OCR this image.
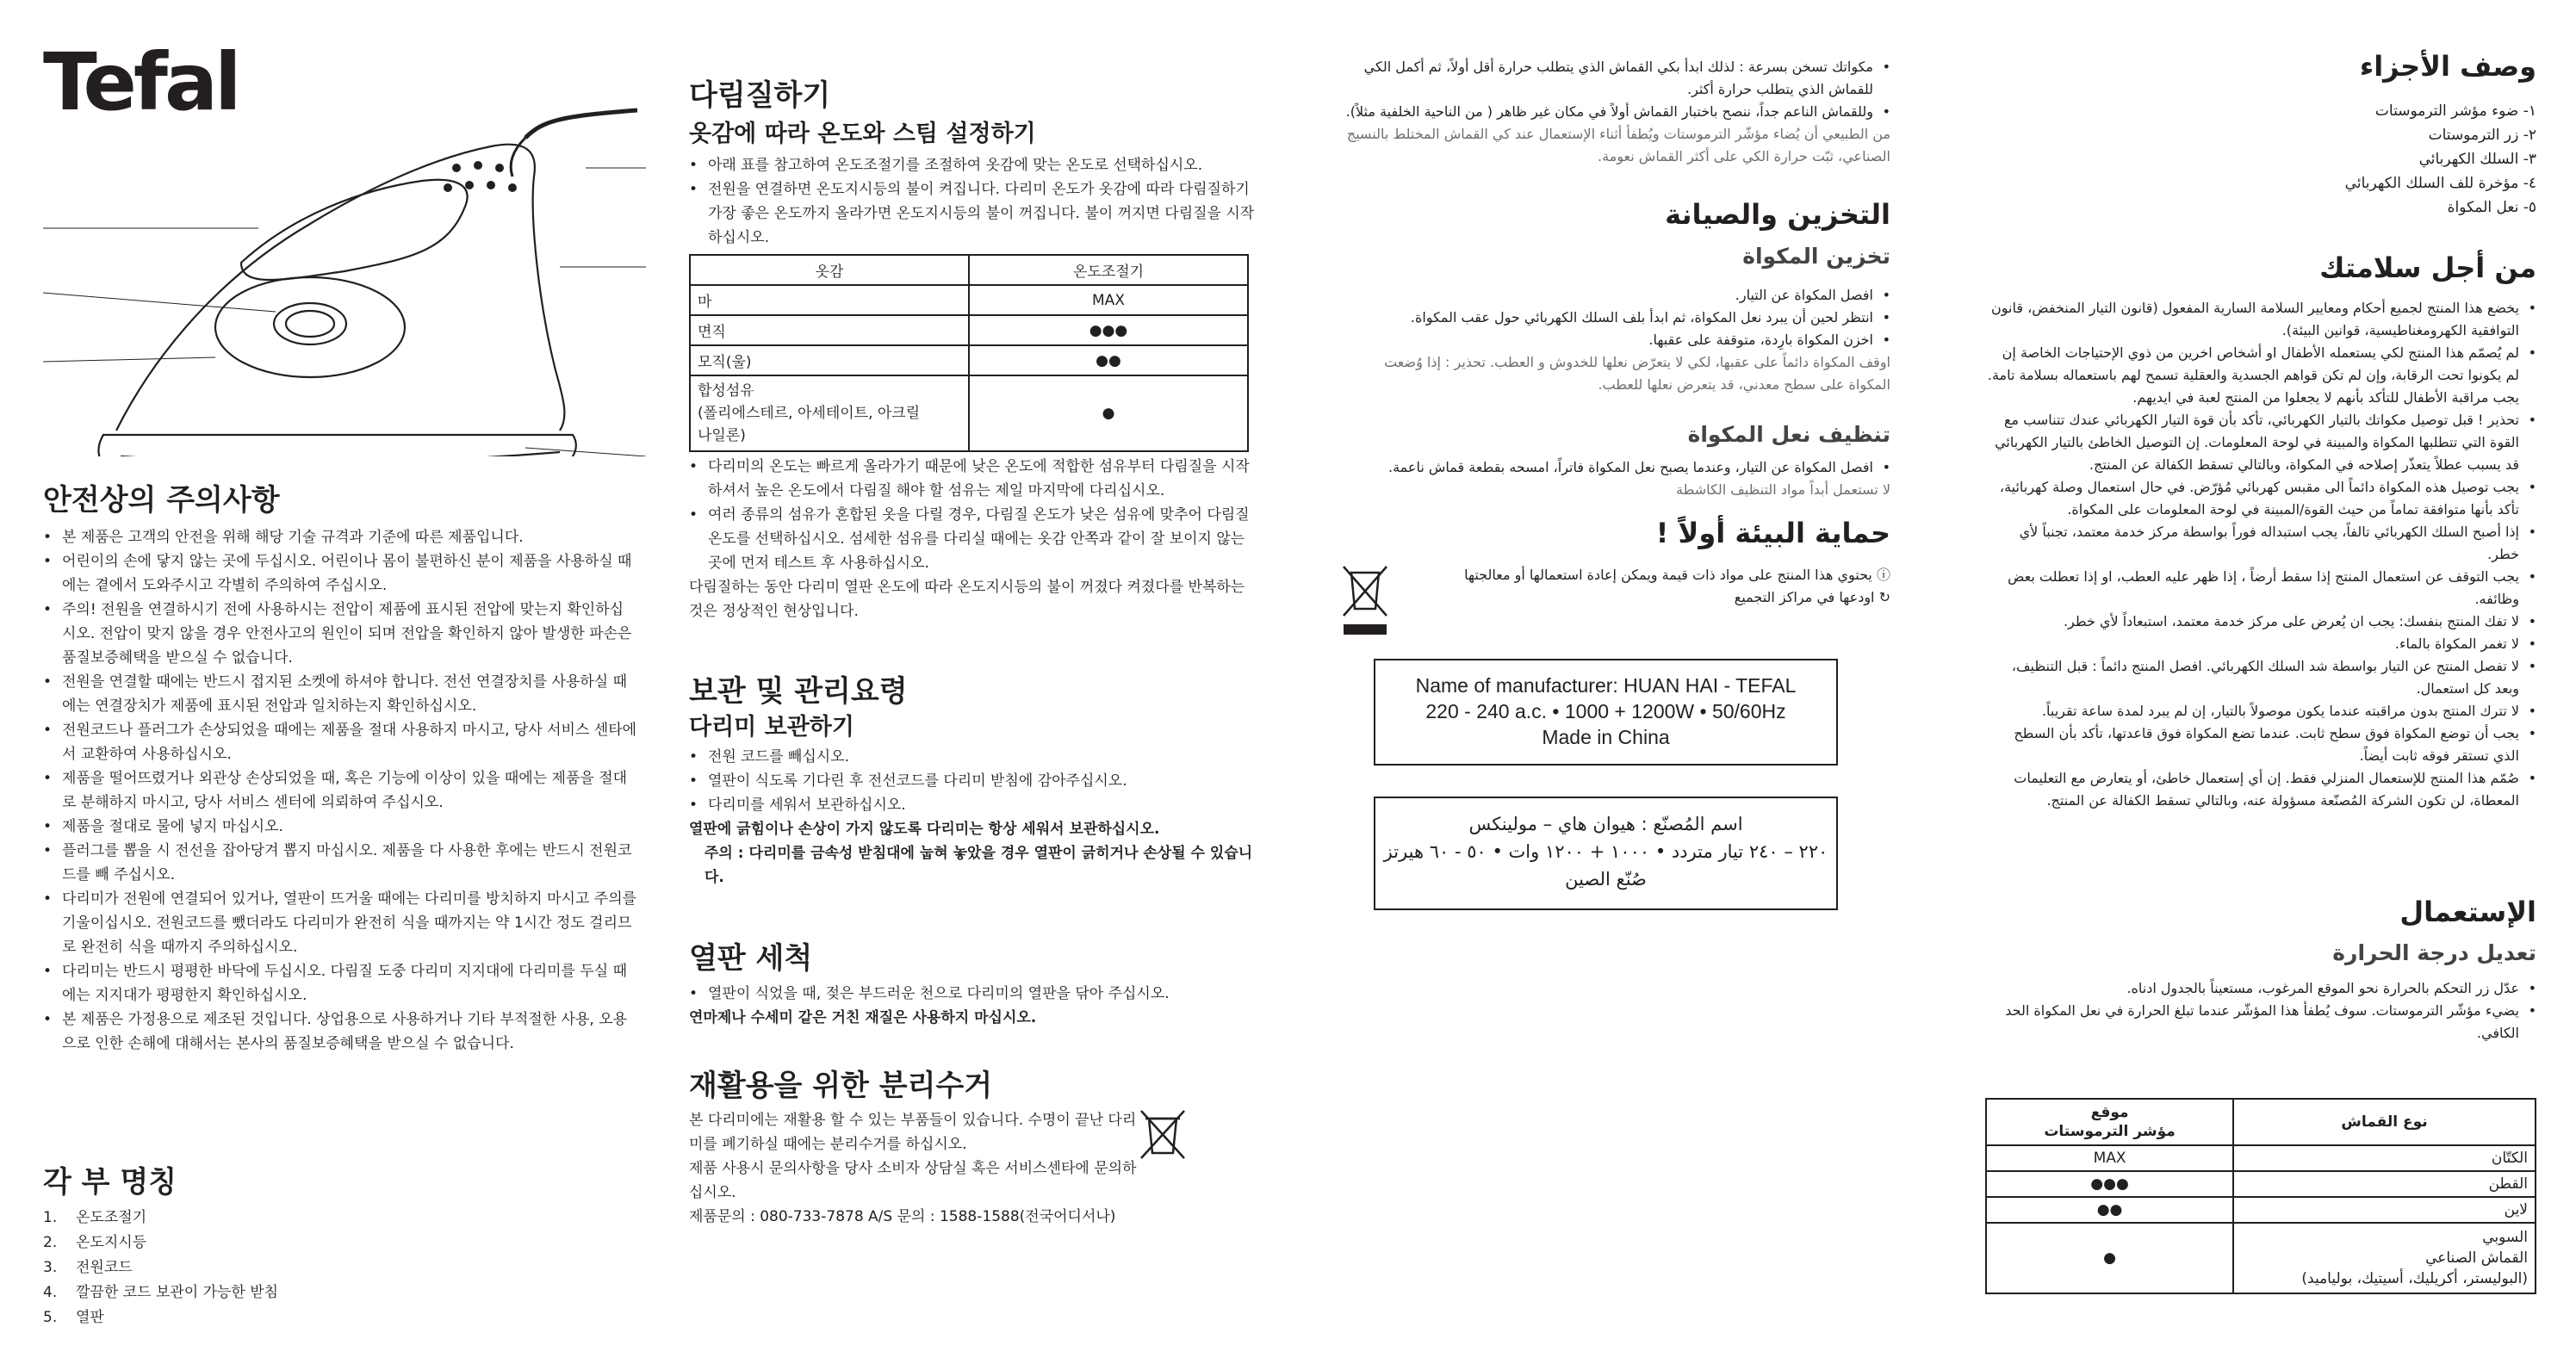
Tefal
안전상의 주의사항

• 본 제품은 고객의 안전을 위해 해당 기술 규격과 기준에 따른 제품입니다.

• 어린이의 손에 닿지 않는 곳에 두십시오. 어린이나 몸이 불편하신 분이 제품을 사용하실 때에는 곁에서 도와주시고 각별히 주의하여 주십시오.

• 주의! 전원을 연결하시기 전에 사용하시는 전압이 제품에 표시된 전압에 맞는지 확인하십시오. 전압이 맞지 않을 경우 안전사고의 원인이 되며 전압을 확인하지 않아 발생한 파손은 품질보증혜택을 받으실 수 없습니다.

• 전원을 연결할 때에는 반드시 접지된 소켓에 하셔야 합니다. 전선 연결장치를 사용하실 때에는 연결장치가 제품에 표시된 전압과 일치하는지 확인하십시오.

• 전원코드나 플러그가 손상되었을 때에는 제품을 절대 사용하지 마시고, 당사 서비스 센타에서 교환하여 사용하십시오.

• 제품을 떨어뜨렸거나 외관상 손상되었을 때, 혹은 기능에 이상이 있을 때에는 제품을 절대로 분해하지 마시고, 당사 서비스 센터에 의뢰하여 주십시오.

• 제품을 절대로 물에 넣지 마십시오.

• 플러그를 뽑을 시 전선을 잡아당겨 뽑지 마십시오. 제품을 다 사용한 후에는 반드시 전원코드를 빼 주십시오.

• 다리미가 전원에 연결되어 있거나, 열판이 뜨거울 때에는 다리미를 방치하지 마시고 주의를 기울이십시오. 전원코드를 뺐더라도 다리미가 완전히 식을 때까지는 약 1시간 정도 걸리므로 완전히 식을 때까지 주의하십시오.

• 다리미는 반드시 평평한 바닥에 두십시오. 다림질 도중 다리미 지지대에 다리미를 두실 때에는 지지대가 평평한지 확인하십시오.

• 본 제품은 가정용으로 제조된 것입니다. 상업용으로 사용하거나 기타 부적절한 사용, 오용으로 인한 손해에 대해서는 본사의 품질보증혜택을 받으실 수 없습니다.

각 부 명칭
1.	온도조절기
2.	온도지시등
3.	전원코드
4.	깔끔한 코드 보관이 가능한 받침
5.	열판
다림질하기
옷감에 따라 온도와 스팀 설정하기

• 아래 표를 참고하여 온도조절기를 조절하여 옷감에 맞는 온도로 선택하십시오.

• 전원을 연결하면 온도지시등의 불이 켜집니다. 다리미 온도가 옷감에 따라 다림질하기 가장 좋은 온도까지 올라가면 온도지시등의 불이 꺼집니다. 불이 꺼지면 다림질을 시작하십시오.

옷감	온도조절기
마	MAX
면직	●●●
모직(울)	●●
합성섬유
(폴리에스테르, 아세테이트, 아크릴
나일론)	●

• 다리미의 온도는 빠르게 올라가기 때문에 낮은 온도에 적합한 섬유부터 다림질을 시작하셔서 높은 온도에서 다림질 해야 할 섬유는 제일 마지막에 다리십시오.

• 여러 종류의 섬유가 혼합된 옷을 다릴 경우, 다림질 온도가 낮은 섬유에 맞추어 다림질 온도를 선택하십시오. 섬세한 섬유를 다리실 때에는 옷감 안쪽과 같이 잘 보이지 않는 곳에 먼저 테스트 후 사용하십시오.

다림질하는 동안 다리미 열판 온도에 따라 온도지시등의 불이 꺼졌다 켜졌다를 반복하는 것은 정상적인 현상입니다.

보관 및 관리요령
다리미 보관하기

• 전원 코드를 빼십시오.

• 열판이 식도록 기다린 후 전선코드를 다리미 받침에 감아주십시오.

• 다리미를 세워서 보관하십시오.

열판에 긁힘이나 손상이 가지 않도록 다리미는 항상 세워서 보관하십시오.

주의 : 다리미를 금속성 받침대에 눕혀 놓았을 경우 열판이 긁히거나 손상될 수 있습니다.

열판 세척

• 열판이 식었을 때, 젖은 부드러운 천으로 다리미의 열판을 닦아 주십시오.

연마제나 수세미 같은 거친 재질은 사용하지 마십시오.

재활용을 위한 분리수거

본 다리미에는 재활용 할 수 있는 부품들이 있습니다. 수명이 끝난 다리미를 폐기하실 때에는 분리수거를 하십시오.

제품 사용시 문의사항을 당사 소비자 상담실 혹은 서비스센타에 문의하십시오.

제품문의 : 080-733-7878 A/S 문의 : 1588-1588(전국어디서나)

• مكواتك تسخن بسرعة : لذلك ابدأ بكي القماش الذي يتطلب حرارة أقل أولاً، ثم أكمل الكي للقماش الذي يتطلب حرارة أكثر.

• وللقماش الناعم جداً، ننصح باختبار القماش أولاً في مكان غير ظاهر ( من الناحية الخلفية مثلاً).

من الطبيعي أن يُضاء مؤشّر الترموستات ويُطفأ أثناء الإستعمال عند كي القماش المختلط بالنسيج الصناعي، ثبّت حرارة الكي على أكثر القماش نعومة.

التخزين والصيانة
تخزين المكواة

• افصل المكواة عن التيار.

• انتظر لحين أن يبرد نعل المكواة، ثم ابدأ بلف السلك الكهربائي حول عقب المكواة.

• اخزن المكواة بارِدة، متوقفة على عقبها.

اوقف المكواة دائماً على عقبها، لكي لا يتعرّض نعلها للخدوش و العطب. تحذير : إذا وُضعت المكواة على سطح معدني، قد يتعرض نعلها للعطب.

تنظيف نعل المكواة

• افصل المكواة عن التيار، وعندما يصبح نعل المكواة فاتراً، امسحه بقطعة قماش ناعمة.

لا تستعمل أبداً مواد التنظيف الكاشطة

حماية البيئة أولاً !

ⓘ يحتوي هذا المنتج على مواد ذات قيمة ويمكن إعادة استعمالها أو معالجتها

↻ اودعها في مراكز التجميع

Name of manufacturer: HUAN HAI - TEFAL
220 - 240 a.c. • 1000 + 1200W • 50/60Hz
Made in China
اسم المُصنّع : هيوان هاي – مولينكس
٢٢٠ – ٢٤٠ تيار متردد • ١٠٠٠ + ١٢٠٠ وات • ٥٠ - ٦٠ هيرتز
صُنّع الصين
وصف الأجزاء

١- ضوء مؤشر الترموستات

٢- زر الترموستات

٣- السلك الكهربائي

٤- مؤخرة للف السلك الكهربائي

٥- نعل المكواة

من أجل سلامتك

• يخضع هذا المنتج لجميع أحكام ومعايير السلامة السارية المفعول (قانون التيار المنخفض، قانون التوافقية الكهرومغناطيسية، قوانين البيئة).

• لم يُصمّم هذا المنتج لكي يستعمله الأطفال او أشخاص اخرين من ذوي الإحتياجات الخاصة إن لم يكونوا تحت الرقابة، وإن لم تكن قواهم الجسدية والعقلية تسمح لهم باستعماله بسلامة تامة. يجب مراقبة الأطفال للتأكد بأنهم لا يجعلوا من المنتج لعبة في ايديهم.

• تحذير ! قبل توصيل مكواتك بالتيار الكهربائي، تأكد بأن قوة التيار الكهربائي عندك تتناسب مع القوة التي تتطلبها المكواة والمبينة في لوحة المعلومات. إن التوصيل الخاطئ بالتيار الكهربائي قد يسبب عطلاً يتعذّر إصلاحه في المكواة، وبالتالي تسقط الكفالة عن المنتج.

• يجب توصيل هذه المكواة دائماً الى مقبس كهربائي مُؤرّض. في حال استعمال وصلة كهربائية، تأكد بأنها متوافقة تماماً من حيث القوة/المبينة في لوحة المعلومات على المكواة.

• إذا أصبح السلك الكهربائي تالفاً، يجب استبداله فوراً بواسطة مركز خدمة معتمد، تجنباً لأي خطر.

• يجب التوقف عن استعمال المنتج إذا سقط أرضاً ، إذا ظهر عليه العطب، او إذا تعطلت بعض وظائفه.

• لا تفك المنتج بنفسك: يجب ان يُعرض على مركز خدمة معتمد، استبعاداً لأي خطر.

• لا تغمر المكواة بالماء.

• لا تفصل المنتج عن التيار بواسطة شد السلك الكهربائي. افصل المنتج دائماً : قبل التنظيف، وبعد كل استعمال.

• لا تترك المنتج بدون مراقبته عندما يكون موصولاً بالتيار، إن لم يبرد لمدة ساعة تقريباً.

• يجب أن توضع المكواة فوق سطح ثابت. عندما تضع المكواة فوق قاعدتها، تأكد بأن السطح الذي تستقر فوقه ثابت أيضاً.

• صُمّم هذا المنتج للإستعمال المنزلي فقط. إن أي إستعمال خاطئ، أو يتعارض مع التعليمات المعطاة، لن تكون الشركة المُصنّعة مسؤولة عنه، وبالتالي تسقط الكفالة عن المنتج.

الإستعمال
تعديل درجة الحرارة

• عدّل زر التحكم بالحرارة نحو الموقع المرغوب، مستعيناً بالجدول ادناه.

• يضيء مؤشّر الترموستات. سوف يُطفأ هذا المؤشّر عندما تبلغ الحرارة في نعل المكواة الحد الكافي.

نوع القماش	موقع
مؤشر الترموستات
الكتّان	MAX
القطن	●●●
لاين	●●
السوبي
القماش الصناعي
(البوليستر، أكريليك، أسيتيك، بولياميد)	●
